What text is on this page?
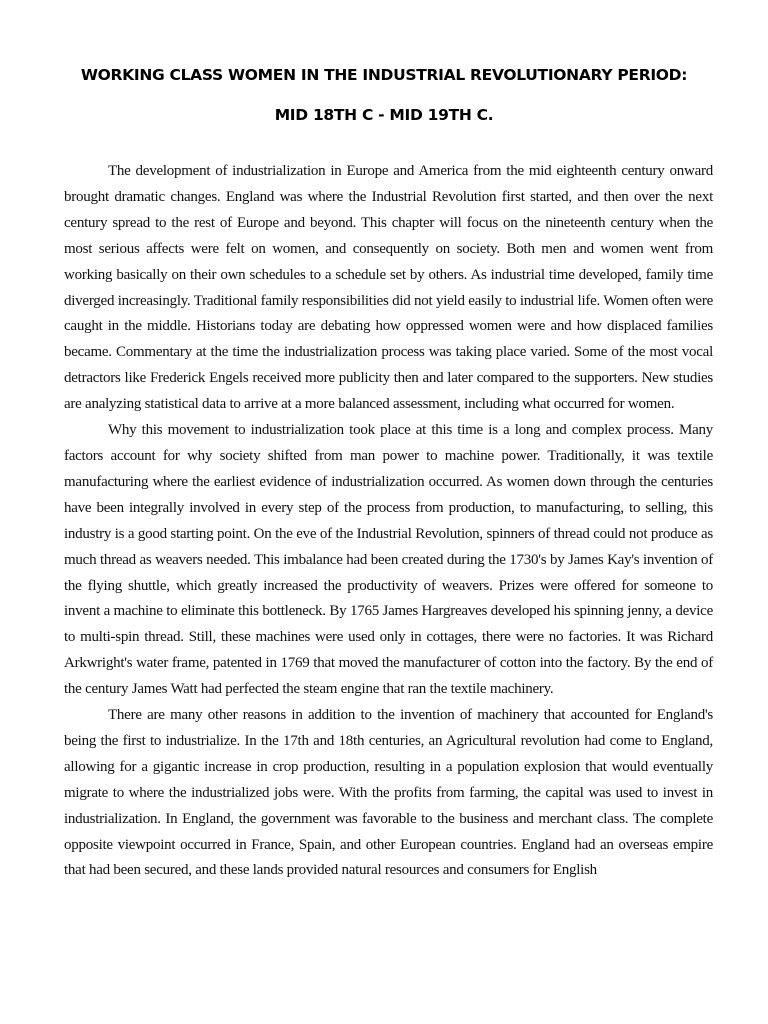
WORKING CLASS WOMEN IN THE INDUSTRIAL REVOLUTIONARY PERIOD:
MID 18TH C - MID 19TH C.

The development of industrialization in Europe and America from the mid eighteenth century onward brought dramatic changes. England was where the Industrial Revolution first started, and then over the next century spread to the rest of Europe and beyond. This chapter will focus on the nineteenth century when the most serious affects were felt on women, and consequently on society. Both men and women went from working basically on their own schedules to a schedule set by others. As industrial time developed, family time diverged increasingly. Traditional family responsibilities did not yield easily to industrial life. Women often were caught in the middle. Historians today are debating how oppressed women were and how displaced families became. Commentary at the time the industrialization process was taking place varied. Some of the most vocal detractors like Frederick Engels received more publicity then and later compared to the supporters. New studies are analyzing statistical data to arrive at a more balanced assessment, including what occurred for women.

Why this movement to industrialization took place at this time is a long and complex process. Many factors account for why society shifted from man power to machine power. Traditionally, it was textile manufacturing where the earliest evidence of industrialization occurred. As women down through the centuries have been integrally involved in every step of the process from production, to manufacturing, to selling, this industry is a good starting point. On the eve of the Industrial Revolution, spinners of thread could not produce as much thread as weavers needed. This imbalance had been created during the 1730's by James Kay's invention of the flying shuttle, which greatly increased the productivity of weavers. Prizes were offered for someone to invent a machine to eliminate this bottleneck. By 1765 James Hargreaves developed his spinning jenny, a device to multi-spin thread. Still, these machines were used only in cottages, there were no factories. It was Richard Arkwright's water frame, patented in 1769 that moved the manufacturer of cotton into the factory. By the end of the century James Watt had perfected the steam engine that ran the textile machinery.

There are many other reasons in addition to the invention of machinery that accounted for England's being the first to industrialize. In the 17th and 18th centuries, an Agricultural revolution had come to England, allowing for a gigantic increase in crop production, resulting in a population explosion that would eventually migrate to where the industrialized jobs were. With the profits from farming, the capital was used to invest in industrialization. In England, the government was favorable to the business and merchant class. The complete opposite viewpoint occurred in France, Spain, and other European countries. England had an overseas empire that had been secured, and these lands provided natural resources and consumers for English
